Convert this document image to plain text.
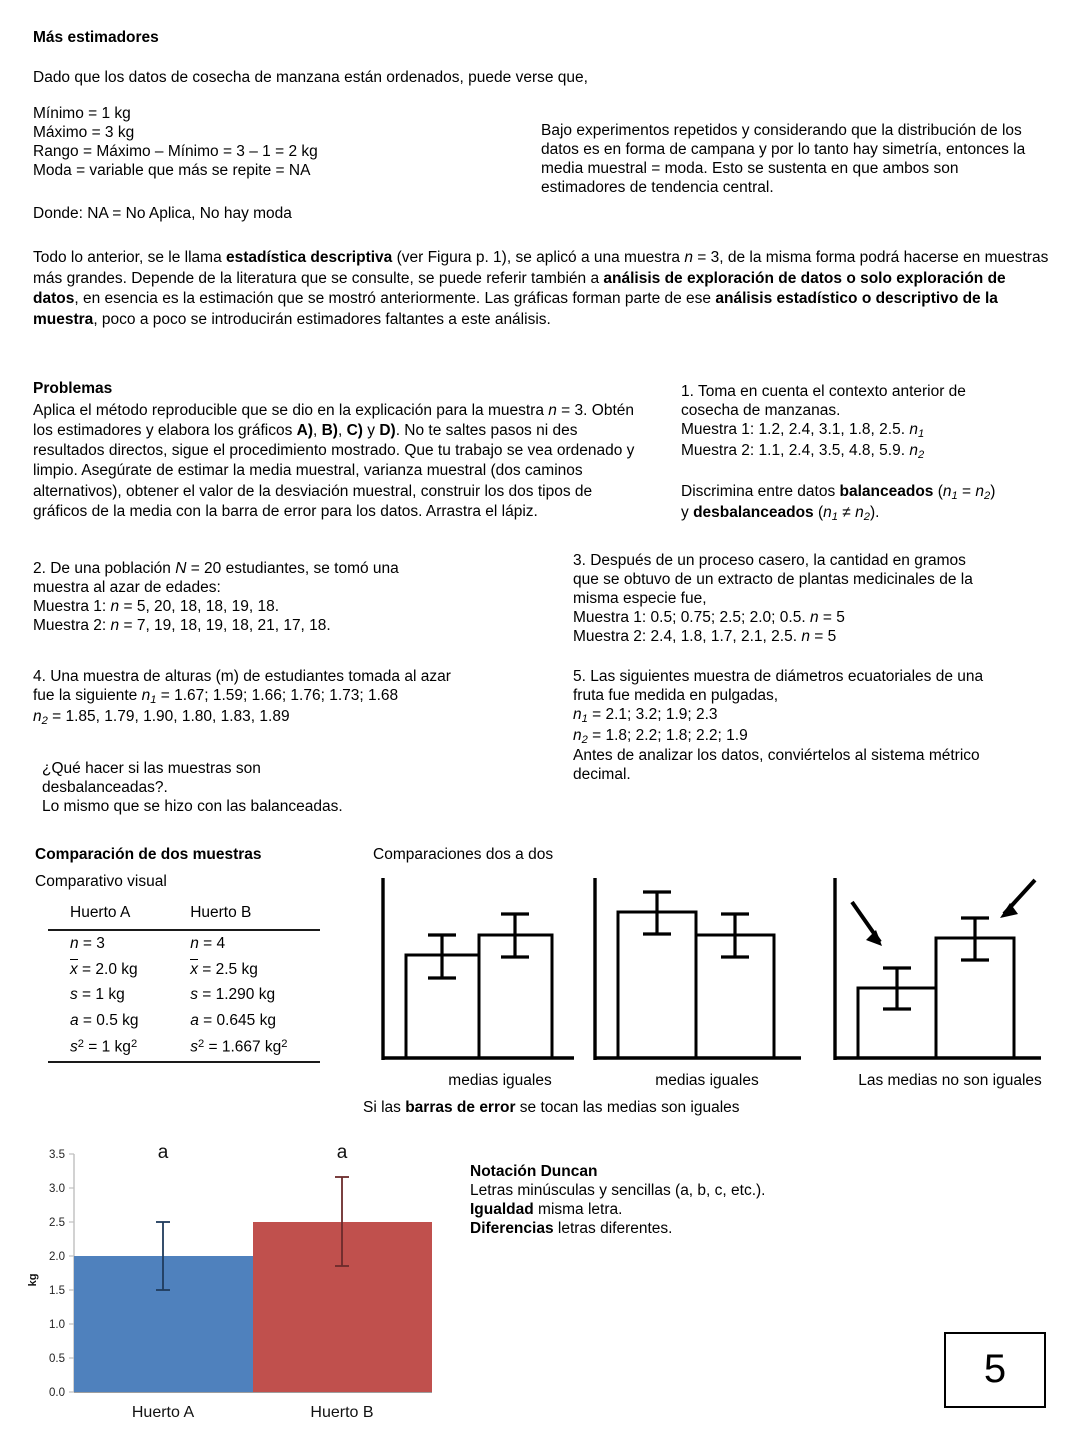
Más estimadores
Dado que los datos de cosecha de manzana están ordenados, puede verse que,
Mínimo = 1 kg
Máximo = 3 kg
Rango = Máximo – Mínimo = 3 – 1 = 2 kg
Moda = variable que más se repite = NA
Donde: NA = No Aplica, No hay moda
Bajo experimentos repetidos y considerando que la distribución de los datos es en forma de campana y por lo tanto hay simetría, entonces la media muestral = moda. Esto se sustenta en que ambos son estimadores de tendencia central.
Todo lo anterior, se le llama estadística descriptiva (ver Figura p. 1), se aplicó a una muestra n = 3, de la misma forma podrá hacerse en muestras más grandes. Depende de la literatura que se consulte, se puede referir también a análisis de exploración de datos o solo exploración de datos, en esencia es la estimación que se mostró anteriormente. Las gráficas forman parte de ese análisis estadístico o descriptivo de la muestra, poco a poco se introducirán estimadores faltantes a este análisis.
Problemas
Aplica el método reproducible que se dio en la explicación para la muestra n = 3. Obtén los estimadores y elabora los gráficos A), B), C) y D). No te saltes pasos ni des resultados directos, sigue el procedimiento mostrado. Que tu trabajo se vea ordenado y limpio. Asegúrate de estimar la media muestral, varianza muestral (dos caminos alternativos), obtener el valor de la desviación muestral, construir los dos tipos de gráficos de la media con la barra de error para los datos. Arrastra el lápiz.
1. Toma en cuenta el contexto anterior de
cosecha de manzanas.
Muestra 1: 1.2, 2.4, 3.1, 1.8, 2.5. $n_1$
Muestra 2: 1.1, 2.4, 3.5, 4.8, 5.9. $n_2$
Discrimina entre datos balanceados $(n_1 = n_2)$
y desbalanceados $(n_1 \ne n_2)$.
2. De una población N = 20 estudiantes, se tomó una
muestra al azar de edades:
Muestra 1: n = 5, 20, 18, 18, 19, 18.
Muestra 2: n = 7, 19, 18, 19, 18, 21, 17, 18.
3. Después de un proceso casero, la cantidad en gramos
que se obtuvo de un extracto de plantas medicinales de la
misma especie fue,
Muestra 1: 0.5; 0.75; 2.5; 2.0; 0.5. n = 5
Muestra 2: 2.4, 1.8, 1.7, 2.1, 2.5. n = 5
4. Una muestra de alturas (m) de estudiantes tomada al azar
fue la siguiente $n_1 = 1.67$; 1.59; 1.66; 1.76; 1.73; 1.68
$n_2 = 1.85$, 1.79, 1.90, 1.80, 1.83, 1.89
¿Qué hacer si las muestras son
desbalanceadas?.
Lo mismo que se hizo con las balanceadas.
5. Las siguientes muestra de diámetros ecuatoriales de una
fruta fue medida en pulgadas,
$n_1 = 2.1$; 3.2; 1.9; 2.3
$n_2 = 1.8$; 2.2; 1.8; 2.2; 1.9
Antes de analizar los datos, conviértelos al sistema métrico
decimal.
Comparación de dos muestras
Comparativo visual
Huerto A	Huerto B
n = 3	n = 4
x = 2.0 kg	x = 2.5 kg
s = 1 kg	s = 1.290 kg
a = 0.5 kg	a = 0.645 kg
$s^2 = 1$ $kg^2$	$s^2 = 1.667$ $kg^2$

Comparaciones dos a dos
medias iguales	medias iguales	Las medias no son iguales
Si las barras de error se tocan las medias son iguales
3.5
3.0
2.5
2.0
1.5
1.0
0.5
0.0
a	a
kg
Huerto A	Huerto B
Notación Duncan
Letras minúsculas y sencillas (a, b, c, etc.).
Igualdad misma letra.
Diferencias letras diferentes.
5
